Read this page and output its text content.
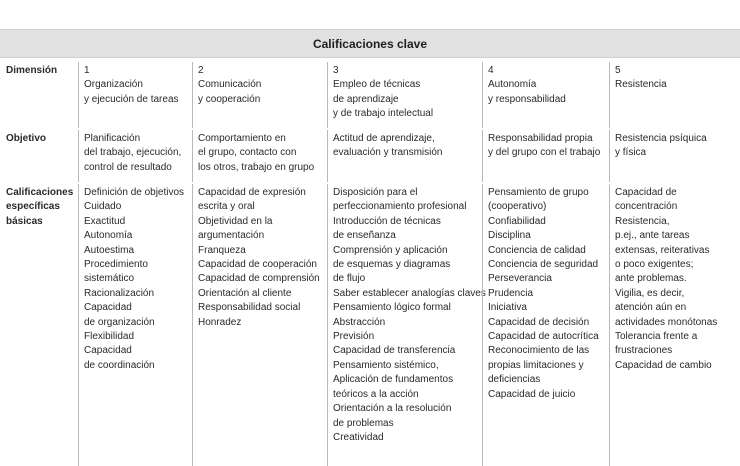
Calificaciones clave
Dimensión	1
Organización
y ejecución de tareas
2
Comunicación
y cooperación
3
Empleo de técnicas
de aprendizaje
y de trabajo intelectual
4
Autonomía
y responsabilidad
5
Resistencia
Objetivo	Planificación
del trabajo, ejecución,
control de resultado
Comportamiento en
el grupo, contacto con
los otros, trabajo en grupo
Actitud de aprendizaje,
evaluación y transmisión
Responsabilidad propia
y del grupo con el trabajo
Resistencia psíquica
y física
Calificaciones
específicas
básicas
Definición de objetivos
Cuidado
Exactitud
Autonomía
Autoestima
Procedimiento
sistemático
Racionalización
Capacidad
de organización
Flexibilidad
Capacidad
de coordinación
Capacidad de expresión
escrita y oral
Objetividad en la
argumentación
Franqueza
Capacidad de cooperación
Capacidad de comprensión
Orientación al cliente
Responsabilidad social
Honradez
Disposición para el
perfeccionamiento profesional
Introducción de técnicas
de enseñanza
Comprensión y aplicación
de esquemas y diagramas
de flujo
Saber establecer analogías claves
Pensamiento lógico formal
Abstracción
Previsión
Capacidad de transferencia
Pensamiento sistémico,
Aplicación de fundamentos
teóricos a la acción
Orientación a la resolución
de problemas
Creatividad
Pensamiento de grupo
(cooperativo)
Confiabilidad
Disciplina
Conciencia de calidad
Conciencia de seguridad
Perseverancia
Prudencia
Iniciativa
Capacidad de decisión
Capacidad de autocrítica
Reconocimiento de las
propias limitaciones y
deficiencias
Capacidad de juicio
Capacidad de
concentración
Resistencia,
p.ej., ante tareas
extensas, reiterativas
o poco exigentes;
ante problemas.
Vigilia, es decir,
atención aún en
actividades monótonas
Tolerancia frente a
frustraciones
Capacidad de cambio
